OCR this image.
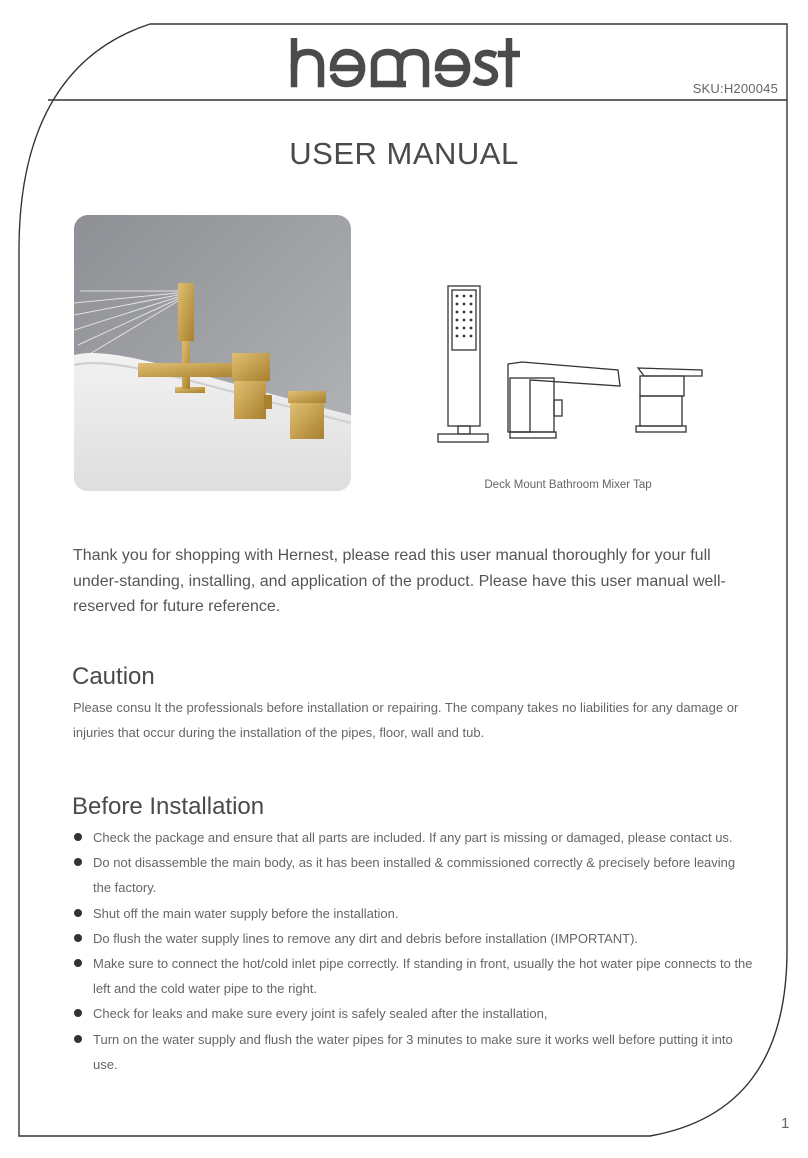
SKU:H200045
USER MANUAL
Deck Mount Bathroom Mixer Tap
Thank you for shopping with Hernest, please read this user manual thoroughly for your full under-standing, installing, and application of the product. Please have this user manual well-reserved for future reference.
Caution
Please consu lt the professionals before installation or repairing. The company takes no liabilities for any damage or injuries that occur during the installation of the pipes, floor, wall and tub.
Before Installation
Check the package and ensure that all parts are included. If any part is missing or damaged, please contact us.
Do not disassemble the main body, as it has been installed & commissioned correctly & precisely before leaving the factory.
Shut off the main water supply before the installation.
Do flush the water supply lines to remove any dirt and debris before installation (IMPORTANT).
Make sure to connect the hot/cold inlet pipe correctly. If standing in front, usually the hot water pipe connects to the left and the cold water pipe to the right.
Check for leaks and make sure every joint is safely sealed after the installation,
Turn on the water supply and flush the water pipes for 3 minutes to make sure it works well before putting it into use.
1
